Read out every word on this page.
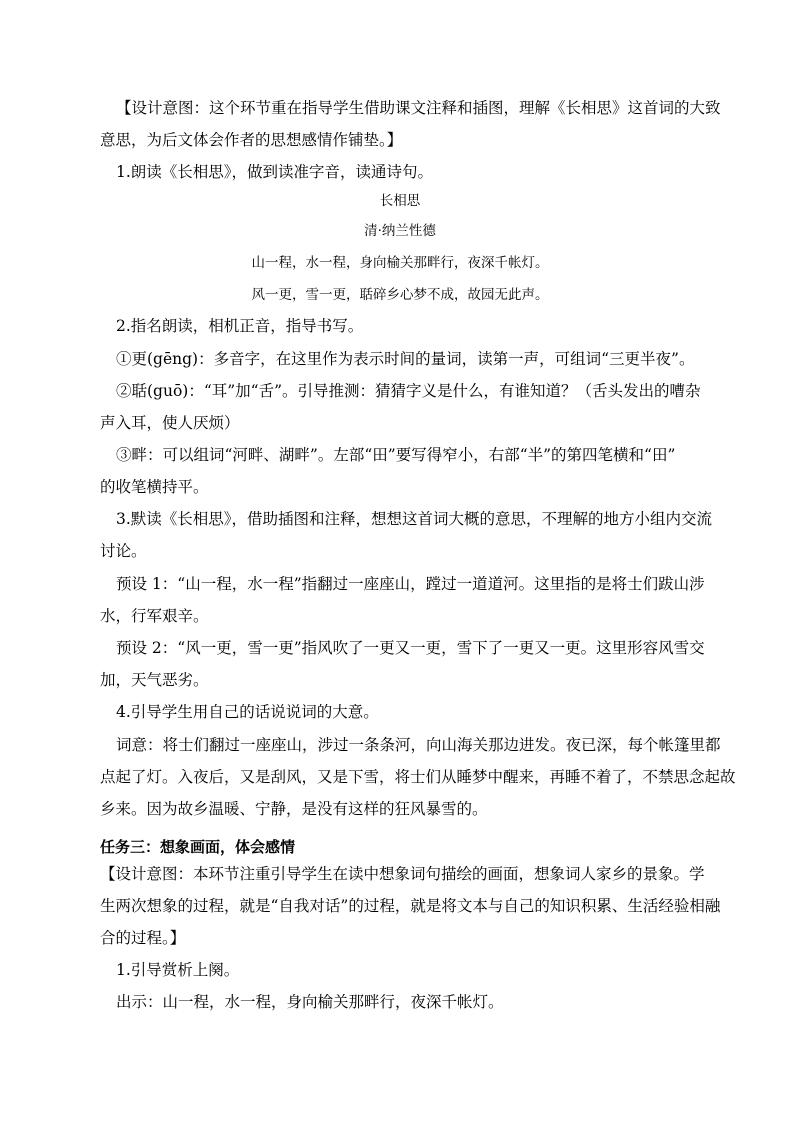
【设计意图：这个环节重在指导学生借助课文注释和插图，理解《长相思》这首词的大致
意思，为后文体会作者的思想感情作铺垫。】
1.朗读《长相思》，做到读准字音，读通诗句。
长相思
清·纳兰性德
山一程，水一程，身向榆关那畔行，夜深千帐灯。
风一更，雪一更，聒碎乡心梦不成，故园无此声。
2.指名朗读，相机正音，指导书写。
①更(gēng)：多音字，在这里作为表示时间的量词，读第一声，可组词“三更半夜”。
②聒(guō)：“耳”加“舌”。引导推测：猜猜字义是什么，有谁知道？（舌头发出的嘈杂
声入耳，使人厌烦）
③畔：可以组词“河畔、湖畔”。左部“田”要写得窄小，右部“半”的第四笔横和“田”
的收笔横持平。
3.默读《长相思》，借助插图和注释，想想这首词大概的意思，不理解的地方小组内交流
讨论。
预设 1：“山一程，水一程”指翻过一座座山，蹚过一道道河。这里指的是将士们跋山涉
水，行军艰辛。
预设 2：“风一更，雪一更”指风吹了一更又一更，雪下了一更又一更。这里形容风雪交
加，天气恶劣。
4.引导学生用自己的话说说词的大意。
词意：将士们翻过一座座山，涉过一条条河，向山海关那边进发。夜已深，每个帐篷里都
点起了灯。入夜后，又是刮风，又是下雪，将士们从睡梦中醒来，再睡不着了，不禁思念起故
乡来。因为故乡温暖、宁静，是没有这样的狂风暴雪的。
任务三：想象画面，体会感情
【设计意图：本环节注重引导学生在读中想象词句描绘的画面，想象词人家乡的景象。学
生两次想象的过程，就是“自我对话”的过程，就是将文本与自己的知识积累、生活经验相融
合的过程。】
1.引导赏析上阕。
出示：山一程，水一程，身向榆关那畔行，夜深千帐灯。
